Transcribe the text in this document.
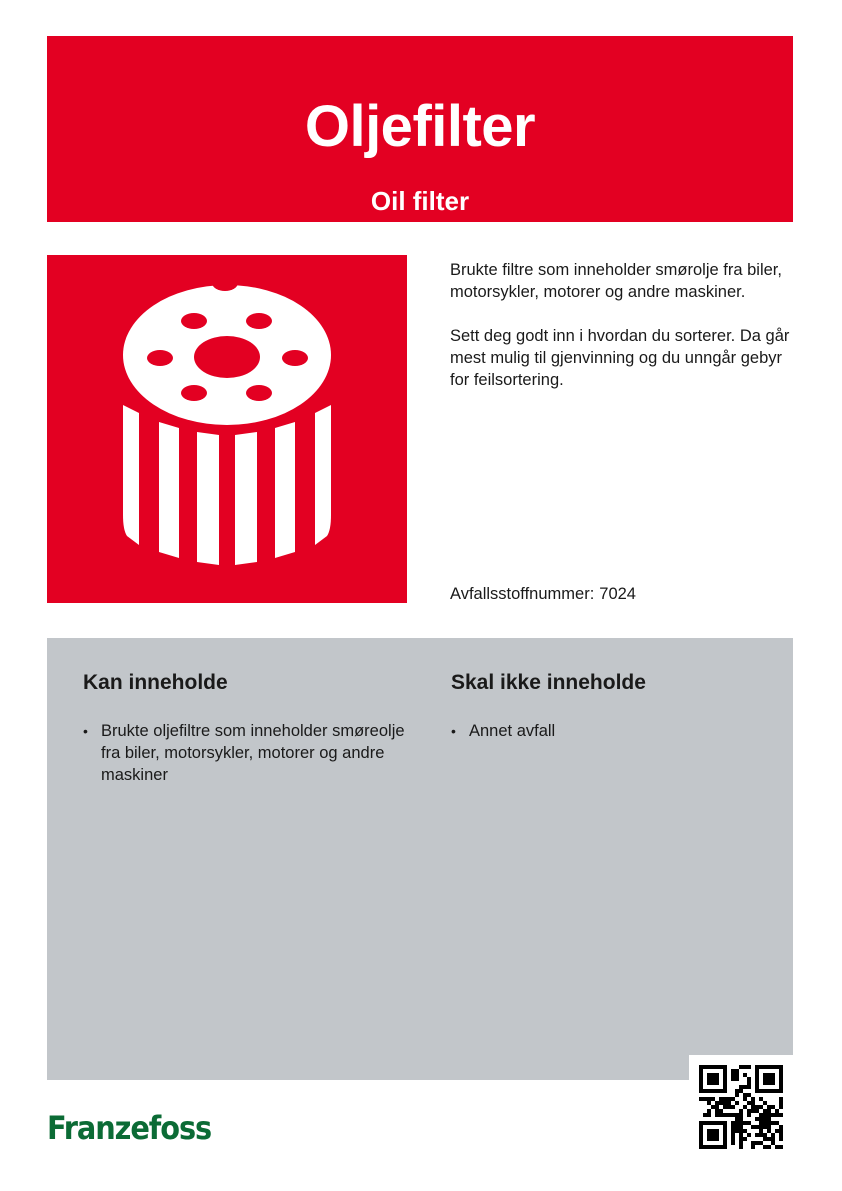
Oljefilter
Oil filter

Brukte filtre som inneholder smørolje fra biler, motorsykler, motorer og andre maskiner.

Sett deg godt inn i hvordan du sorterer. Da går mest mulig til gjenvinning og du unngår gebyr for feilsortering.

Avfallsstoffnummer: 7024
Kan inneholde
• Brukte oljefiltre som inneholder smøreolje fra biler, motorsykler, motorer og andre maskiner
Skal ikke inneholde
• Annet avfall
Franzefoss
